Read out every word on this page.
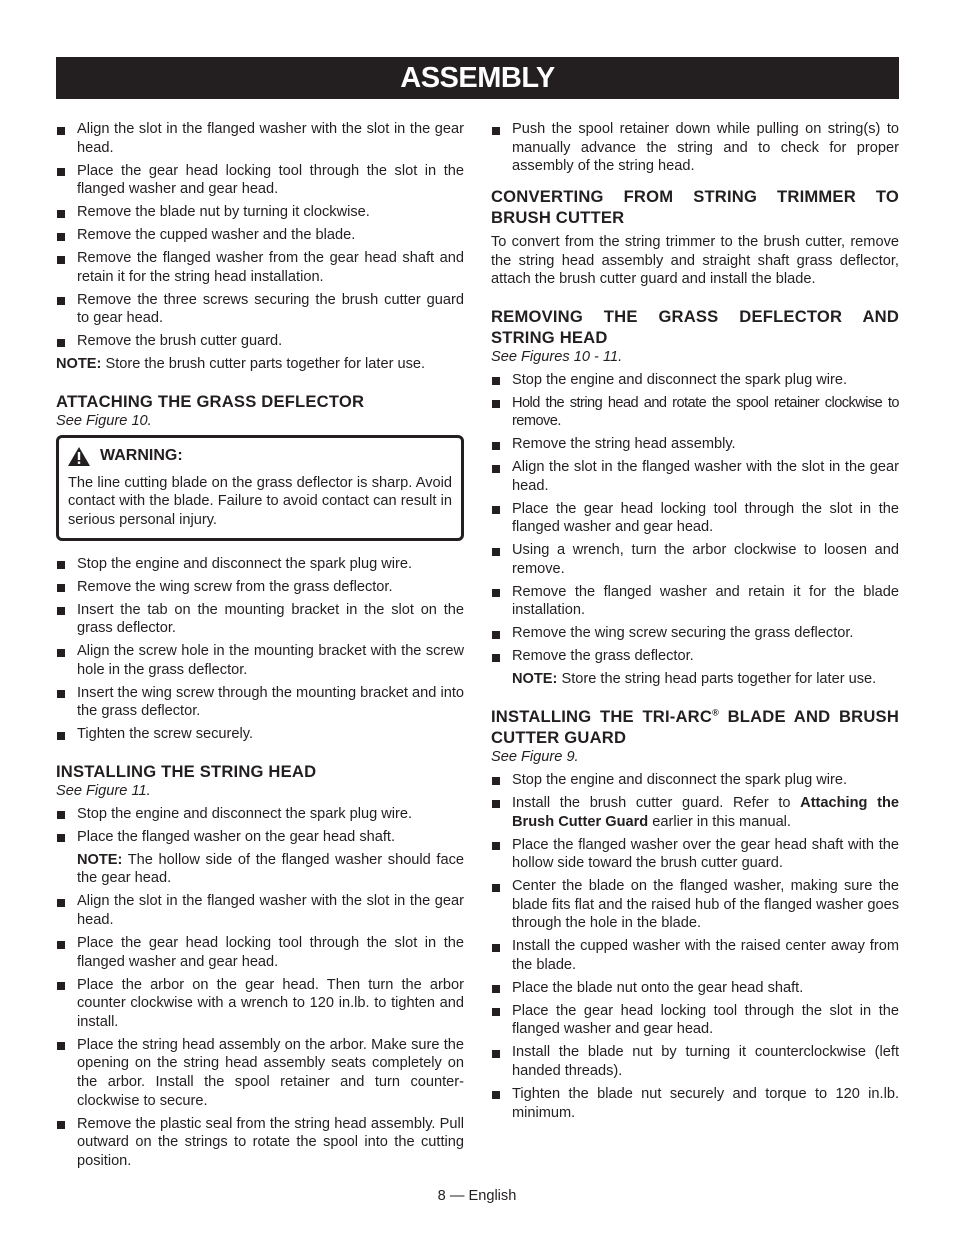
ASSEMBLY
Align the slot in the flanged washer with the slot in the gear head.
Place the gear head locking tool through the slot in the flanged washer and gear head.
Remove the blade nut by turning it clockwise.
Remove the cupped washer and the blade.
Remove the flanged washer from the gear head shaft and retain it for the string head installation.
Remove the three screws securing the brush cutter guard to gear head.
Remove the brush cutter guard.

NOTE: Store the brush cutter parts together for later use.

ATTACHING THE GRASS DEFLECTOR

See Figure 10.

WARNING:

The line cutting blade on the grass deflector is sharp. Avoid contact with the blade. Failure to avoid contact can result in serious personal injury.

Stop the engine and disconnect the spark plug wire.
Remove the wing screw from the grass deflector.
Insert the tab on the mounting bracket in the slot on the grass deflector.
Align the screw hole in the mounting bracket with the screw hole in the grass deflector.
Insert the wing screw through the mounting bracket and into the grass deflector.
Tighten the screw securely.
INSTALLING THE STRING HEAD

See Figure 11.

Stop the engine and disconnect the spark plug wire.
Place the flanged washer on the gear head shaft.

NOTE: The hollow side of the flanged washer should face the gear head.

Align the slot in the flanged washer with the slot in the gear head.
Place the gear head locking tool through the slot in the flanged washer and gear head.
Place the arbor on the gear head. Then turn the arbor counter clockwise with a wrench to 120 in.lb. to tighten and install.
Place the string head assembly on the arbor. Make sure the opening on the string head assembly seats completely on the arbor. Install the spool retainer and turn counter-clockwise to secure.
Remove the plastic seal from the string head assembly. Pull outward on the strings to rotate the spool into the cutting position.
Push the spool retainer down while pulling on string(s) to manually advance the string and to check for proper assembly of the string head.
CONVERTING FROM STRING TRIMMER TO BRUSH CUTTER

To convert from the string trimmer to the brush cutter, remove the string head assembly and straight shaft grass deflector, attach the brush cutter guard and install the blade.

REMOVING THE GRASS DEFLECTOR AND STRING HEAD

See Figures 10 - 11.

Stop the engine and disconnect the spark plug wire.
Hold the string head and rotate the spool retainer clockwise to remove.
Remove the string head assembly.
Align the slot in the flanged washer with the slot in the gear head.
Place the gear head locking tool through the slot in the flanged washer and gear head.
Using a wrench, turn the arbor clockwise to loosen and remove.
Remove the flanged washer and retain it for the blade installation.
Remove the wing screw securing the grass deflector.
Remove the grass deflector.

NOTE: Store the string head parts together for later use.

INSTALLING THE TRI-ARC® BLADE AND BRUSH CUTTER GUARD

See Figure 9.

Stop the engine and disconnect the spark plug wire.
Install the brush cutter guard. Refer to Attaching the Brush Cutter Guard earlier in this manual.
Place the flanged washer over the gear head shaft with the hollow side toward the brush cutter guard.
Center the blade on the flanged washer, making sure the blade fits flat and the raised hub of the flanged washer goes through the hole in the blade.
Install the cupped washer with the raised center away from the blade.
Place the blade nut onto the gear head shaft.
Place the gear head locking tool through the slot in the flanged washer and gear head.
Install the blade nut by turning it counterclockwise (left handed threads).
Tighten the blade nut securely and torque to 120 in.lb. minimum.
8 — English
